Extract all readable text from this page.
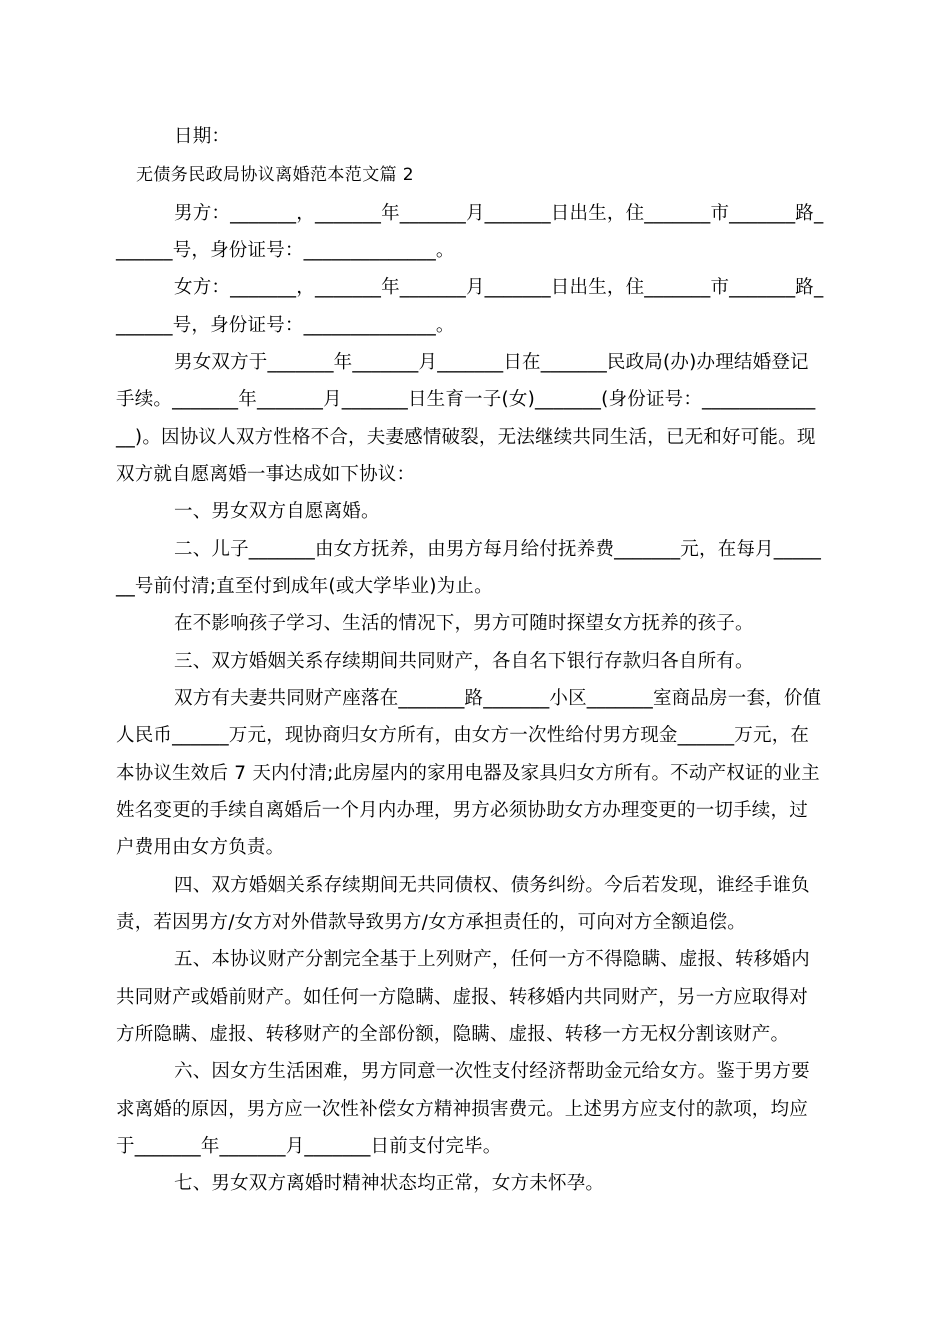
日期：
无债务民政局协议离婚范本范文篇 2
男方：_______，_______年_______月_______日出生，住_______市_______路_
______号，身份证号：______________。
女方：_______，_______年_______月_______日出生，住_______市_______路_
______号，身份证号：______________。
男女双方于_______年_______月_______日在_______民政局(办)办理结婚登记
手续。_______年_______月_______日生育一子(女)_______(身份证号：____________
__)。因协议人双方性格不合，夫妻感情破裂，无法继续共同生活，已无和好可能。现
双方就自愿离婚一事达成如下协议：
一、男女双方自愿离婚。
二、儿子_______由女方抚养，由男方每月给付抚养费_______元，在每月_____
__号前付清;直至付到成年(或大学毕业)为止。
在不影响孩子学习、生活的情况下，男方可随时探望女方抚养的孩子。
三、双方婚姻关系存续期间共同财产，各自名下银行存款归各自所有。
双方有夫妻共同财产座落在_______路_______小区_______室商品房一套，价值
人民币______万元，现协商归女方所有，由女方一次性给付男方现金______万元，在
本协议生效后 7 天内付清;此房屋内的家用电器及家具归女方所有。不动产权证的业主
姓名变更的手续自离婚后一个月内办理，男方必须协助女方办理变更的一切手续，过
户费用由女方负责。
四、双方婚姻关系存续期间无共同债权、债务纠纷。今后若发现，谁经手谁负
责，若因男方/女方对外借款导致男方/女方承担责任的，可向对方全额追偿。
五、本协议财产分割完全基于上列财产，任何一方不得隐瞒、虚报、转移婚内
共同财产或婚前财产。如任何一方隐瞒、虚报、转移婚内共同财产，另一方应取得对
方所隐瞒、虚报、转移财产的全部份额，隐瞒、虚报、转移一方无权分割该财产。
六、因女方生活困难，男方同意一次性支付经济帮助金元给女方。鉴于男方要
求离婚的原因，男方应一次性补偿女方精神损害费元。上述男方应支付的款项，均应
于_______年_______月_______日前支付完毕。
七、男女双方离婚时精神状态均正常，女方未怀孕。
